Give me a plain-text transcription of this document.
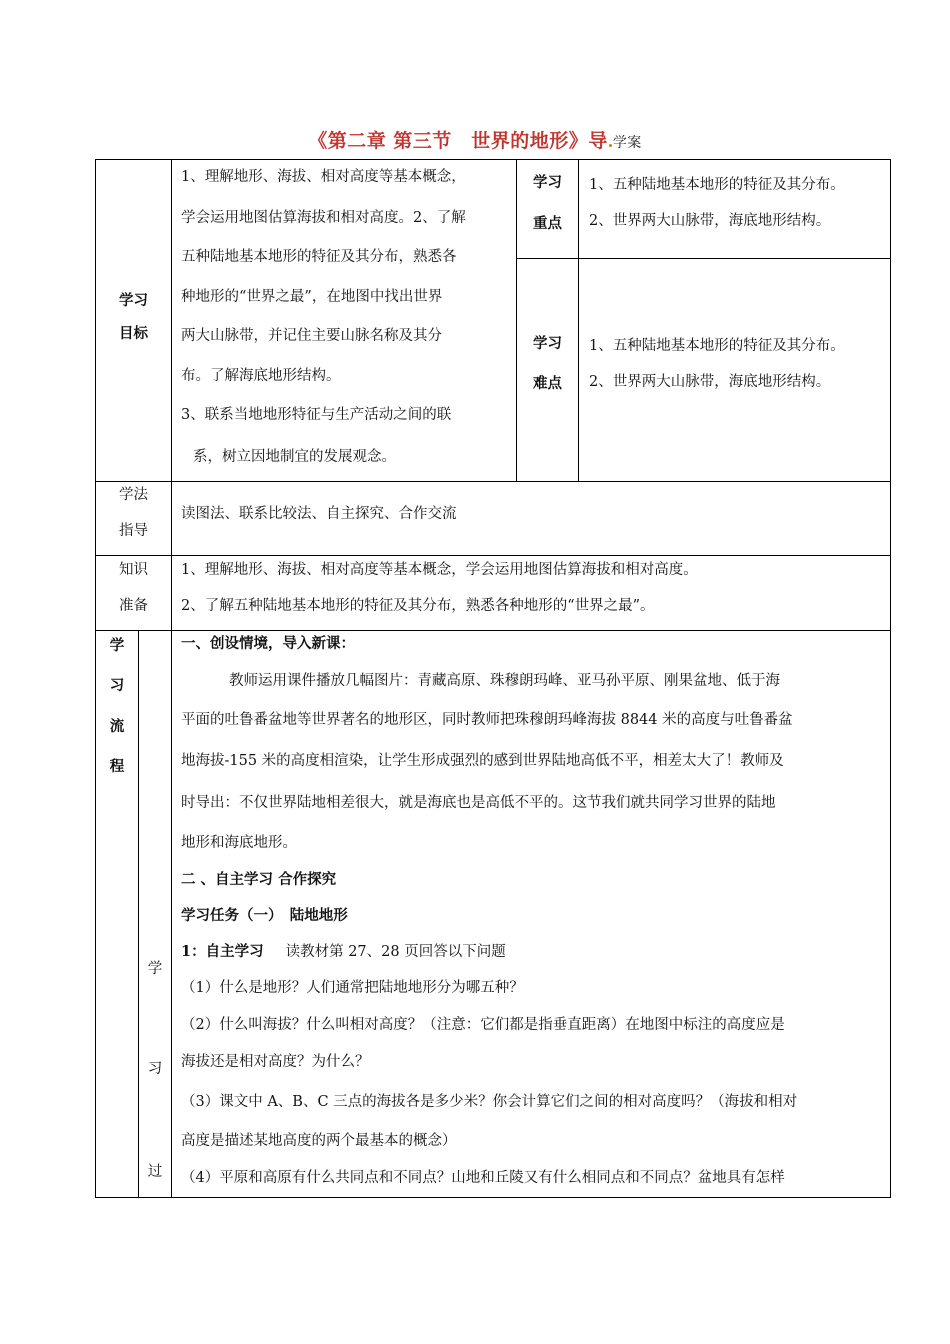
《第二章 第三节　世界的地形》导 学案
学习
目标
1、理解地形、海拔、相对高度等基本概念，
学会运用地图估算海拔和相对高度。2、了解
五种陆地基本地形的特征及其分布，熟悉各
种地形的“世界之最”，在地图中找出世界
两大山脉带，并记住主要山脉名称及其分
布。了解海底地形结构。
3、联系当地地形特征与生产活动之间的联
系，树立因地制宜的发展观念。
学习
重点
1、五种陆地基本地形的特征及其分布。
2、世界两大山脉带，海底地形结构。
学习
难点
1、五种陆地基本地形的特征及其分布。
2、世界两大山脉带，海底地形结构。
学法
指导
读图法、联系比较法、自主探究、合作交流
知识
准备
1、理解地形、海拔、相对高度等基本概念，学会运用地图估算海拔和相对高度。
2、了解五种陆地基本地形的特征及其分布，熟悉各种地形的“世界之最”。
学
习
流
程
学
习
过
一、创设情境，导入新课：
教师运用课件播放几幅图片：青藏高原、珠穆朗玛峰、亚马孙平原、刚果盆地、低于海
平面的吐鲁番盆地等世界著名的地形区，同时教师把珠穆朗玛峰海拔 8844 米的高度与吐鲁番盆
地海拔-155 米的高度相渲染，让学生形成强烈的感到世界陆地高低不平，相差太大了！教师及
时导出：不仅世界陆地相差很大，就是海底也是高低不平的。这节我们就共同学习世界的陆地
地形和海底地形。
二 、自主学习 合作探究
学习任务（一）　陆地地形
1：自主学习 读教材第 27、28 页回答以下问题
（1）什么是地形？人们通常把陆地地形分为哪五种？
（2）什么叫海拔？什么叫相对高度？（注意：它们都是指垂直距离）在地图中标注的高度应是
海拔还是相对高度？为什么？
（3）课文中 A、B、C 三点的海拔各是多少米？你会计算它们之间的相对高度吗？（海拔和相对
高度是描述某地高度的两个最基本的概念）
（4）平原和高原有什么共同点和不同点？山地和丘陵又有什么相同点和不同点？盆地具有怎样
